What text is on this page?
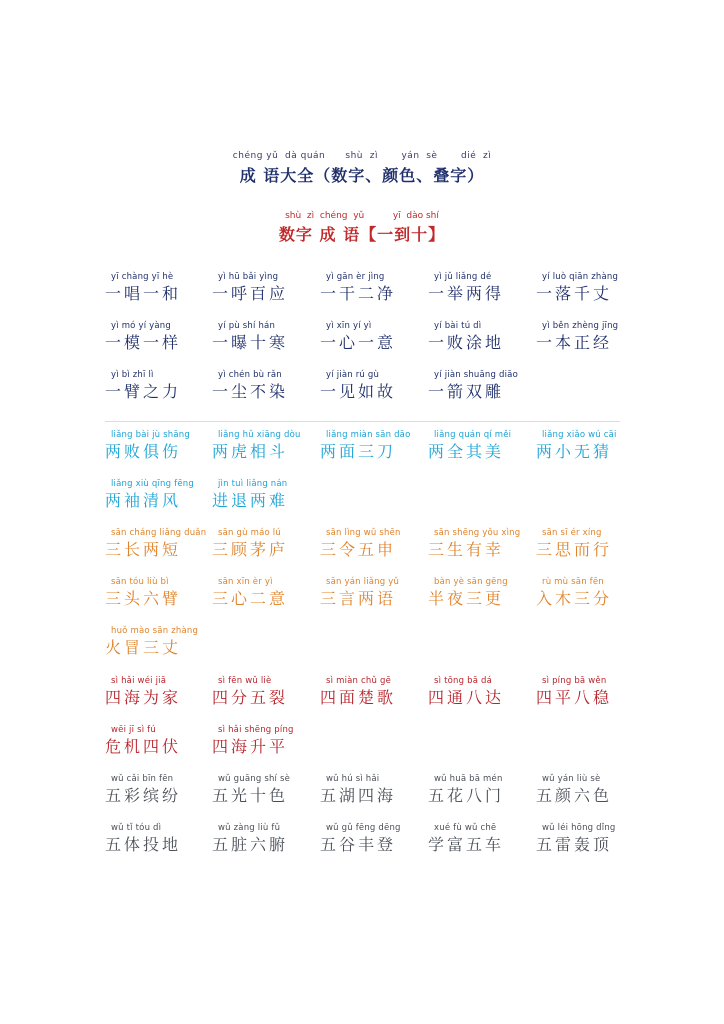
chéng yǔ  dà quán      shù  zì       yán  sè       dié  zì
成 语大全（数字、颜色、叠字）
shù  zì  chéng  yǔ          yī  dào shí
数字 成 语【一到十】
yī chàng yī hè
一唱一和
yì hū bǎi yìng
一呼百应
yì gān èr jìng
一干二净
yì jǔ liǎng dé
一举两得
yí luò qiān zhàng
一落千丈
yì mó yí yàng
一模一样
yí pù shí hán
一曝十寒
yì xīn yí yì
一心一意
yí bài tú dì
一败涂地
yì běn zhèng jīng
一本正经
yì bì zhī lì
一臂之力
yì chén bù rǎn
一尘不染
yí jiàn rú gù
一见如故
yí jiàn shuāng diāo
一箭双雕
liǎng bài jù shāng
两败俱伤
liǎng hǔ xiāng dòu
两虎相斗
liǎng miàn sān dāo
两面三刀
liǎng quán qí měi
两全其美
liǎng xiǎo wú cāi
两小无猜
liǎng xiù qīng fēng
两袖清风
jìn tuì liǎng nán
进退两难
sān cháng liǎng duǎn
三长两短
sān gù máo lú
三顾茅庐
sān lìng wǔ shēn
三令五申
sān shēng yǒu xìng
三生有幸
sān sī ér xíng
三思而行
sān tóu liù bì
三头六臂
sān xīn èr yì
三心二意
sān yán liǎng yǔ
三言两语
bàn yè sān gēng
半夜三更
rù mù sān fēn
入木三分
huǒ mào sān zhàng
火冒三丈
sì hǎi wéi jiā
四海为家
sì fēn wǔ liè
四分五裂
sì miàn chǔ gē
四面楚歌
sì tōng bā dá
四通八达
sì píng bā wěn
四平八稳
wēi jī sì fú
危机四伏
sì hǎi shēng píng
四海升平
wǔ cǎi bīn fēn
五彩缤纷
wǔ guāng shí sè
五光十色
wǔ hú sì hǎi
五湖四海
wǔ huā bā mén
五花八门
wǔ yán liù sè
五颜六色
wǔ tǐ tóu dì
五体投地
wǔ zàng liù fǔ
五脏六腑
wǔ gǔ fēng dēng
五谷丰登
xué fù wǔ chē
学富五车
wǔ léi hōng dǐng
五雷轰顶
